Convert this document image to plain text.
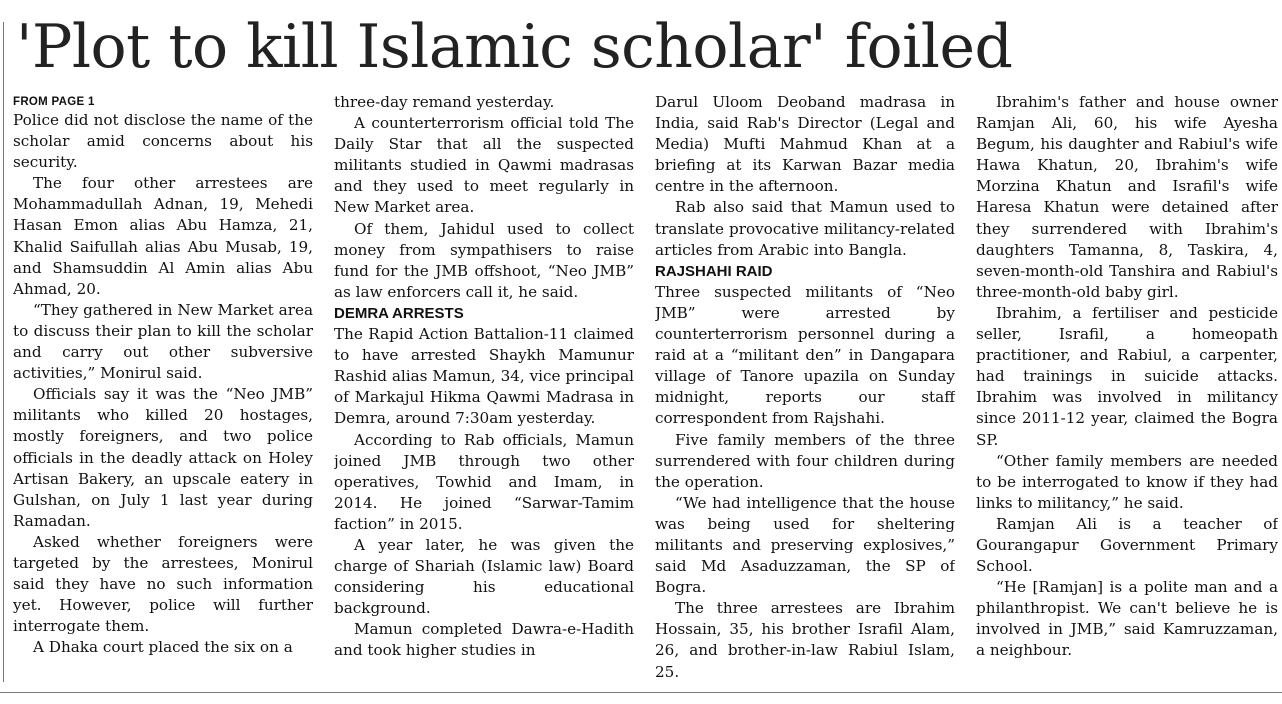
'Plot to kill Islamic scholar' foiled
FROM PAGE 1

Police did not disclose the name of the scholar amid concerns about his security.

The four other arrestees are Mohammadullah Adnan, 19, Mehedi Hasan Emon alias Abu Hamza, 21, Khalid Saifullah alias Abu Musab, 19, and Shamsuddin Al Amin alias Abu Ahmad, 20.

“They gathered in New Market area to discuss their plan to kill the scholar and carry out other subversive activities,” Monirul said.

Officials say it was the “Neo JMB” militants who killed 20 hostages, mostly foreigners, and two police officials in the deadly attack on Holey Artisan Bakery, an upscale eatery in Gulshan, on July 1 last year during Ramadan.

Asked whether foreigners were targeted by the arrestees, Monirul said they have no such information yet. However, police will further interrogate them.

A Dhaka court placed the six on a

three-day remand yesterday.

A counterterrorism official told The Daily Star that all the suspected militants studied in Qawmi madrasas and they used to meet regularly in New Market area.

Of them, Jahidul used to collect money from sympathisers to raise fund for the JMB offshoot, “Neo JMB” as law enforcers call it, he said.

DEMRA ARRESTS

The Rapid Action Battalion-11 claimed to have arrested Shaykh Mamunur Rashid alias Mamun, 34, vice principal of Markajul Hikma Qawmi Madrasa in Demra, around 7:30am yesterday.

According to Rab officials, Mamun joined JMB through two other operatives, Towhid and Imam, in 2014. He joined “Sarwar-Tamim faction” in 2015.

A year later, he was given the charge of Shariah (Islamic law) Board considering his educational background.

Mamun completed Dawra-e-Hadith and took higher studies in

Darul Uloom Deoband madrasa in India, said Rab's Director (Legal and Media) Mufti Mahmud Khan at a briefing at its Karwan Bazar media centre in the afternoon.

Rab also said that Mamun used to translate provocative militancy-related articles from Arabic into Bangla.

RAJSHAHI RAID

Three suspected militants of “Neo JMB” were arrested by counterterrorism personnel during a raid at a “militant den” in Dangapara village of Tanore upazila on Sunday midnight, reports our staff correspondent from Rajshahi.

Five family members of the three surrendered with four children during the operation.

“We had intelligence that the house was being used for sheltering militants and preserving explosives,” said Md Asaduzzaman, the SP of Bogra.

The three arrestees are Ibrahim Hossain, 35, his brother Israfil Alam, 26, and brother-in-law Rabiul Islam, 25.

Ibrahim's father and house owner Ramjan Ali, 60, his wife Ayesha Begum, his daughter and Rabiul's wife Hawa Khatun, 20, Ibrahim's wife Morzina Khatun and Israfil's wife Haresa Khatun were detained after they surrendered with Ibrahim's daughters Tamanna, 8, Taskira, 4, seven-month-old Tanshira and Rabiul's three-month-old baby girl.

Ibrahim, a fertiliser and pesticide seller, Israfil, a homeopath practitioner, and Rabiul, a carpenter, had trainings in suicide attacks. Ibrahim was involved in militancy since 2011-12 year, claimed the Bogra SP.

“Other family members are needed to be interrogated to know if they had links to militancy,” he said.

Ramjan Ali is a teacher of Gourangapur Government Primary School.

“He [Ramjan] is a polite man and a philanthropist. We can't believe he is involved in JMB,” said Kamruzzaman, a neighbour.
